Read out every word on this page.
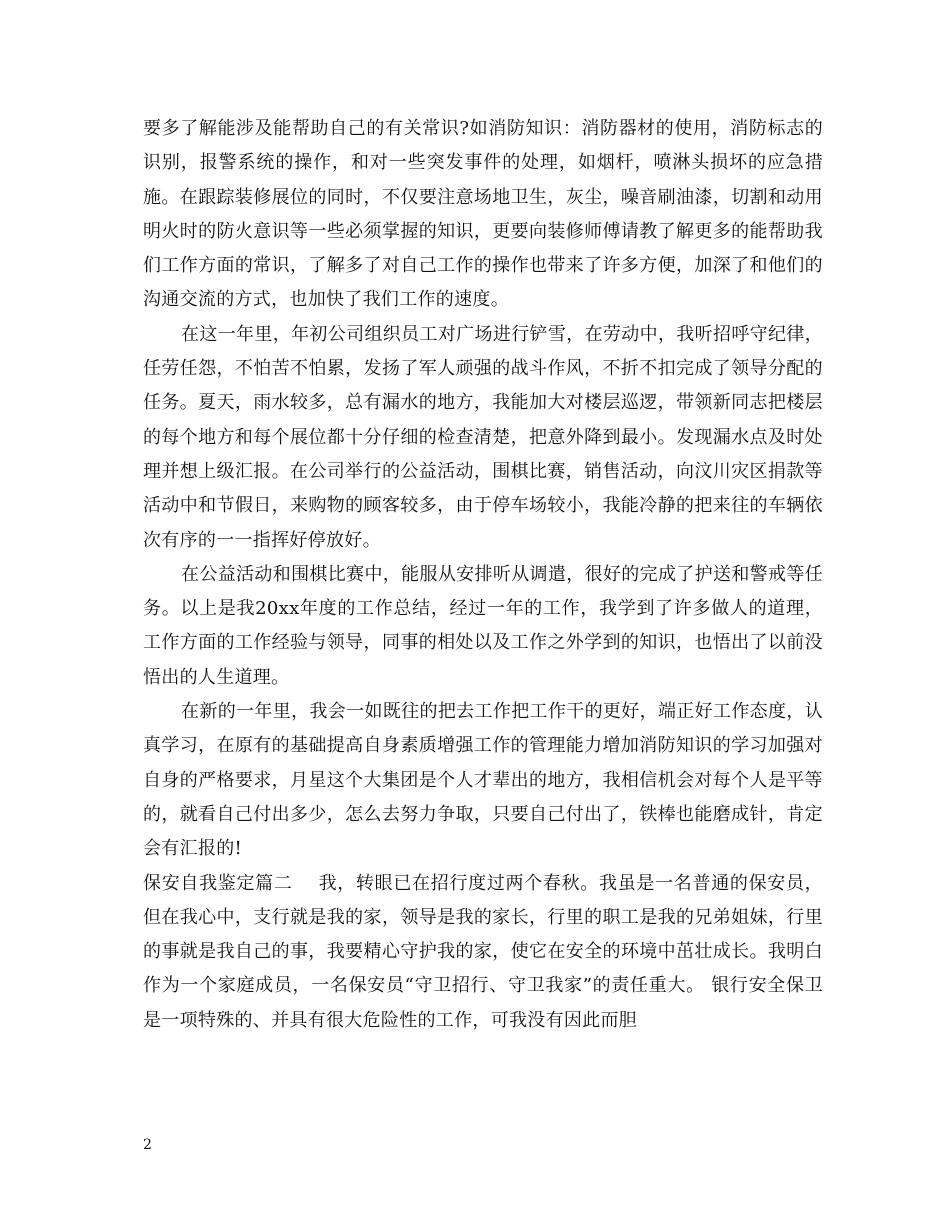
要多了解能涉及能帮助自己的有关常识?如消防知识：消防器材的使用，消防标志的识别，报警系统的操作，和对一些突发事件的处理，如烟杆，喷淋头损坏的应急措施。在跟踪装修展位的同时，不仅要注意场地卫生，灰尘，噪音刷油漆，切割和动用明火时的防火意识等一些必须掌握的知识，更要向装修师傅请教了解更多的能帮助我们工作方面的常识，了解多了对自己工作的操作也带来了许多方便，加深了和他们的沟通交流的方式，也加快了我们工作的速度。

在这一年里，年初公司组织员工对广场进行铲雪，在劳动中，我听招呼守纪律，任劳任怨，不怕苦不怕累，发扬了军人顽强的战斗作风，不折不扣完成了领导分配的任务。夏天，雨水较多，总有漏水的地方，我能加大对楼层巡逻，带领新同志把楼层的每个地方和每个展位都十分仔细的检查清楚，把意外降到最小。发现漏水点及时处理并想上级汇报。在公司举行的公益活动，围棋比赛，销售活动，向汶川灾区捐款等活动中和节假日，来购物的顾客较多，由于停车场较小，我能冷静的把来往的车辆依次有序的一一指挥好停放好。

在公益活动和围棋比赛中，能服从安排听从调遣，很好的完成了护送和警戒等任务。以上是我20xx年度的工作总结，经过一年的工作，我学到了许多做人的道理，工作方面的工作经验与领导，同事的相处以及工作之外学到的知识，也悟出了以前没悟出的人生道理。

在新的一年里，我会一如既往的把去工作把工作干的更好，端正好工作态度，认真学习，在原有的基础提高自身素质增强工作的管理能力增加消防知识的学习加强对自身的严格要求，月星这个大集团是个人才辈出的地方，我相信机会对每个人是平等的，就看自己付出多少，怎么去努力争取，只要自己付出了，铁棒也能磨成针，肯定会有汇报的!

保安自我鉴定篇二 我，转眼已在招行度过两个春秋。我虽是一名普通的保安员，但在我心中，支行就是我的家，领导是我的家长，行里的职工是我的兄弟姐妹，行里的事就是我自己的事，我要精心守护我的家，使它在安全的环境中茁壮成长。我明白作为一个家庭成员，一名保安员“守卫招行、守卫我家”的责任重大。 银行安全保卫是一项特殊的、并具有很大危险性的工作，可我没有因此而胆

2
